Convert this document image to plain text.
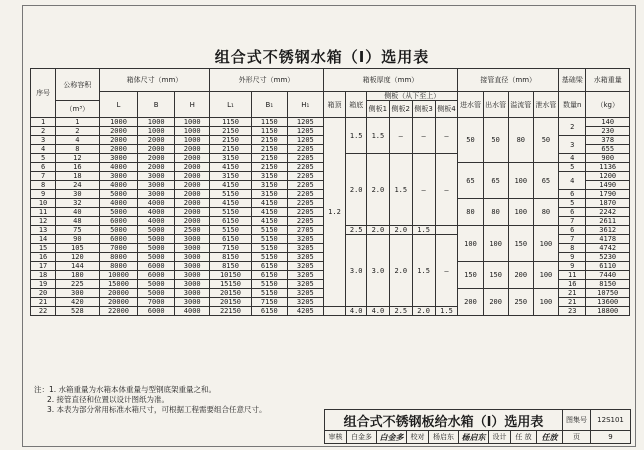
组合式不锈钢水箱（Ⅰ）选用表
序号	公称容积	箱体尺寸（mm）			外形尺寸（mm）			箱板厚度（mm）						接管直径（mm）				基础梁	水箱重量
		L	B	H	L₁	B₁	H₁	箱顶	箱底	侧板（从下至上）				进水管	出水管	溢流管	泄水管	数量n	（kg）
	（m³）									侧板1	侧板2	侧板3	侧板4						
1	1	1000	1000	1000	1150	1150	1205	1.2	1.5	1.5	—	—	—	50	50	80	50	2	140
2	2	2000	1000	1000	2150	1150	1205												230
3	4	2000	2000	1000	2150	2150	1205											3	378
4	8	2000	2000	2000	2150	2150	2205												655
5	12	3000	2000	2000	3150	2150	2205		2.0	2.0	1.5	—	—					4	900
6	16	4000	2000	2000	4150	2150	2205							65	65	100	65	5	1136
7	18	3000	3000	2000	3150	3150	2205											4	1200
8	24	4000	3000	2000	4150	3150	2205												1490
9	30	5000	3000	2000	5150	3150	2205											6	1790
10	32	4000	4000	2000	4150	4150	2205							80	80	100	80	5	1870
11	40	5000	4000	2000	5150	4150	2205											6	2242
12	48	6000	4000	2000	6150	4150	2205											7	2611
13	75	5000	5000	2500	5150	5150	2705		2.5	2.0	2.0	1.5		100	100	150	100	6	3612
14	90	6000	5000	3000	6150	5150	3205		3.0	3.0	2.0	1.5	—					7	4178
15	105	7000	5000	3000	7150	5150	3205											8	4742
16	120	8000	5000	3000	8150	5150	3205											9	5230
17	144	8000	6000	3000	8150	6150	3205							150	150	200	100	9	6110
18	180	10000	6000	3000	10150	6150	3205											11	7440
19	225	15000	5000	3000	15150	5150	3205											16	8150
20	300	20000	5000	3000	20150	5150	3205							200	200	250	100	21	10750
21	420	20000	7000	3000	20150	7150	3205											21	13600
22	528	22000	6000	4000	22150	6150	4205		4.0	4.0	2.5	2.0	1.5					23	18800
注：1. 水箱重量为水箱本体重量与型钢底架重量之和。
2. 接管直径和位置以设计图纸为准。
3. 本表为部分常用标准水箱尺寸，可根据工程需要组合任意尺寸。
组合式不锈钢板给水箱（Ⅰ）选用表									图集号	12S101
审核	白金多	白金多	校对	杨启东	杨启东	设计	任 放	任放	页	9
